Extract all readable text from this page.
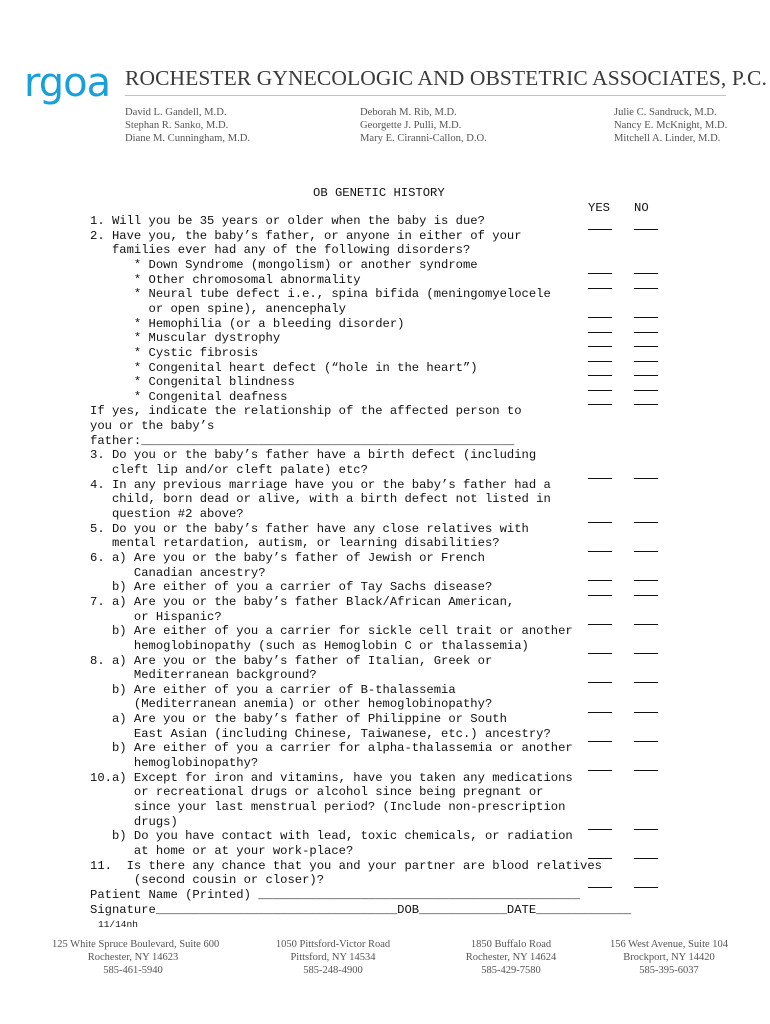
rgoa ROCHESTER GYNECOLOGIC AND OBSTETRIC ASSOCIATES, P.C.
David L. Gandell, M.D.
Stephan R. Sanko, M.D.
Diane M. Cunningham, M.D.
Deborah M. Rib, M.D.
Georgette J. Pulli, M.D.
Mary E. Ciranni-Callon, D.O.
Julie C. Sandruck, M.D.
Nancy E. McKnight, M.D.
Mitchell A. Linder, M.D.
OB GENETIC HISTORY
YES NO
1. Will you be 35 years or older when the baby is due?
2. Have you, the baby’s father, or anyone in either of your
families ever had any of the following disorders?
* Down Syndrome (mongolism) or another syndrome
* Other chromosomal abnormality
* Neural tube defect i.e., spina bifida (meningomyelocele
or open spine), anencephaly
* Hemophilia (or a bleeding disorder)
* Muscular dystrophy
* Cystic fibrosis
* Congenital heart defect (“hole in the heart”)
* Congenital blindness
* Congenital deafness
If yes, indicate the relationship of the affected person to
you or the baby’s
father:___________________________________________________
3. Do you or the baby’s father have a birth defect (including
cleft lip and/or cleft palate) etc?
4. In any previous marriage have you or the baby’s father had a
child, born dead or alive, with a birth defect not listed in
question #2 above?
5. Do you or the baby’s father have any close relatives with
mental retardation, autism, or learning disabilities?
6. a) Are you or the baby’s father of Jewish or French
Canadian ancestry?
b) Are either of you a carrier of Tay Sachs disease?
7. a) Are you or the baby’s father Black/African American,
or Hispanic?
b) Are either of you a carrier for sickle cell trait or another
hemoglobinopathy (such as Hemoglobin C or thalassemia)
8. a) Are you or the baby’s father of Italian, Greek or
Mediterranean background?
b) Are either of you a carrier of B-thalassemia
(Mediterranean anemia) or other hemoglobinopathy?
a) Are you or the baby’s father of Philippine or South
East Asian (including Chinese, Taiwanese, etc.) ancestry?
b) Are either of you a carrier for alpha-thalassemia or another
hemoglobinopathy?
10.a) Except for iron and vitamins, have you taken any medications
or recreational drugs or alcohol since being pregnant or
since your last menstrual period? (Include non-prescription
drugs)
b) Do you have contact with lead, toxic chemicals, or radiation
at home or at your work-place?
11.  Is there any chance that you and your partner are blood relatives
(second cousin or closer)?
Patient Name (Printed) ____________________________________________
Signature_________________________________DOB____________DATE_____________
11/14nh
125 White Spruce Boulevard, Suite 600
Rochester, NY 14623
585-461-5940
1050 Pittsford-Victor Road
Pittsford, NY 14534
585-248-4900
1850 Buffalo Road
Rochester, NY 14624
585-429-7580
156 West Avenue, Suite 104
Brockport, NY 14420
585-395-6037
